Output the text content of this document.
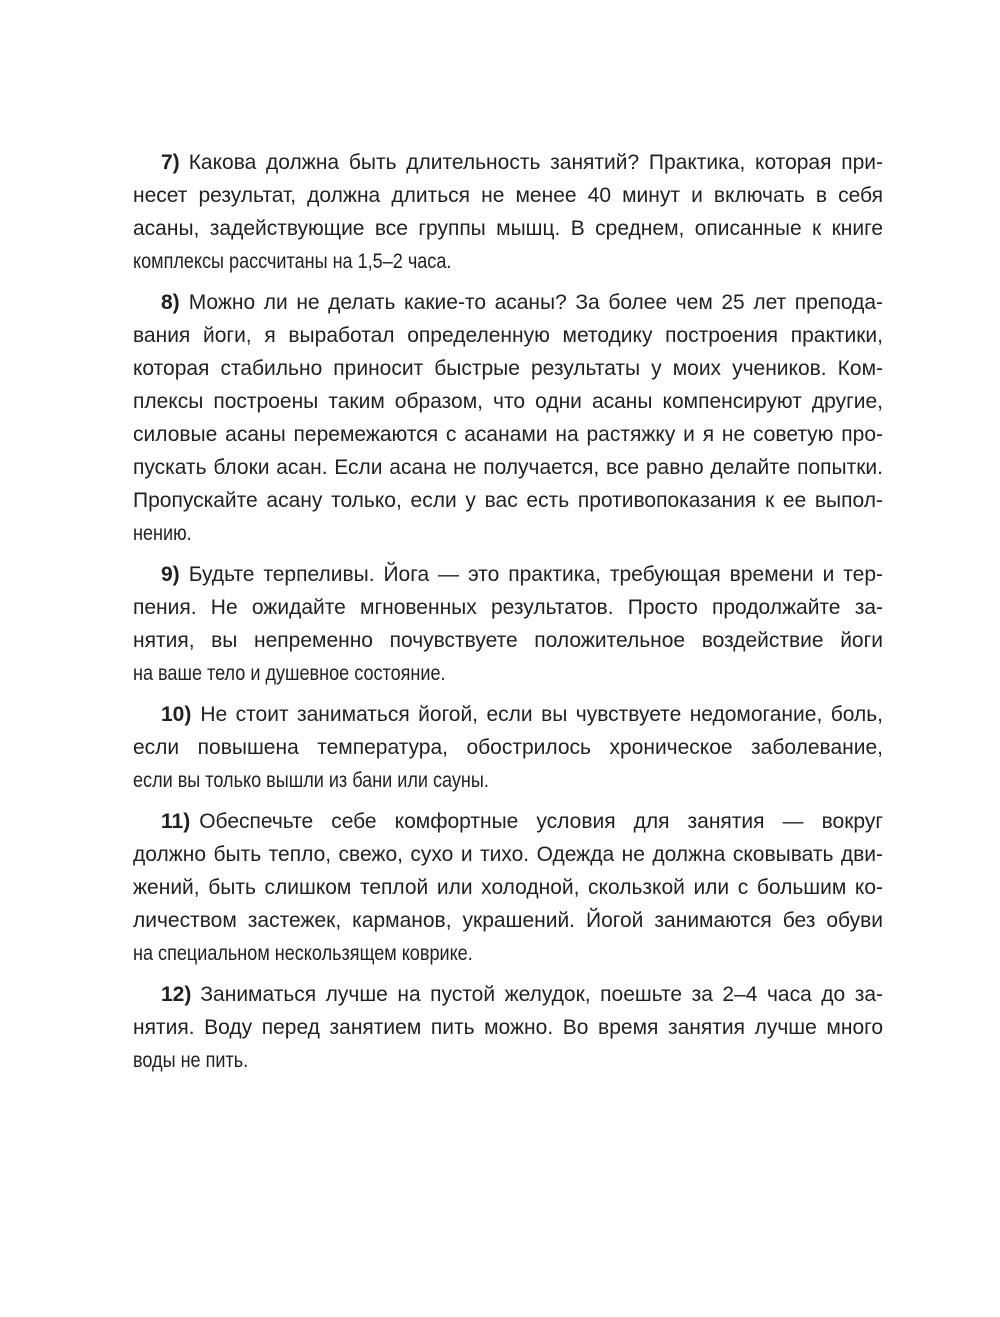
7) Какова должна быть длительность занятий? Практика, которая при-
несет результат, должна длиться не менее 40 минут и включать в себя
асаны, задействующие все группы мышц. В среднем, описанные к книге
комплексы рассчитаны на 1,5–2 часа.
8) Можно ли не делать какие-то асаны? За более чем 25 лет препода-
вания йоги, я выработал определенную методику построения практики,
которая стабильно приносит быстрые результаты у моих учеников. Ком-
плексы построены таким образом, что одни асаны компенсируют другие,
силовые асаны перемежаются с асанами на растяжку и я не советую про-
пускать блоки асан. Если асана не получается, все равно делайте попытки.
Пропускайте асану только, если у вас есть противопоказания к ее выпол-
нению.
9) Будьте терпеливы. Йога — это практика, требующая времени и тер-
пения. Не ожидайте мгновенных результатов. Просто продолжайте за-
нятия, вы непременно почувствуете положительное воздействие йоги
на ваше тело и душевное состояние.
10) Не стоит заниматься йогой, если вы чувствуете недомогание, боль,
если повышена температура, обострилось хроническое заболевание,
если вы только вышли из бани или сауны.
11) Обеспечьте себе комфортные условия для занятия — вокруг
должно быть тепло, свежо, сухо и тихо. Одежда не должна сковывать дви-
жений, быть слишком теплой или холодной, скользкой или с большим ко-
личеством застежек, карманов, украшений. Йогой занимаются без обуви
на специальном нескользящем коврике.
12) Заниматься лучше на пустой желудок, поешьте за 2–4 часа до за-
нятия. Воду перед занятием пить можно. Во время занятия лучше много
воды не пить.
